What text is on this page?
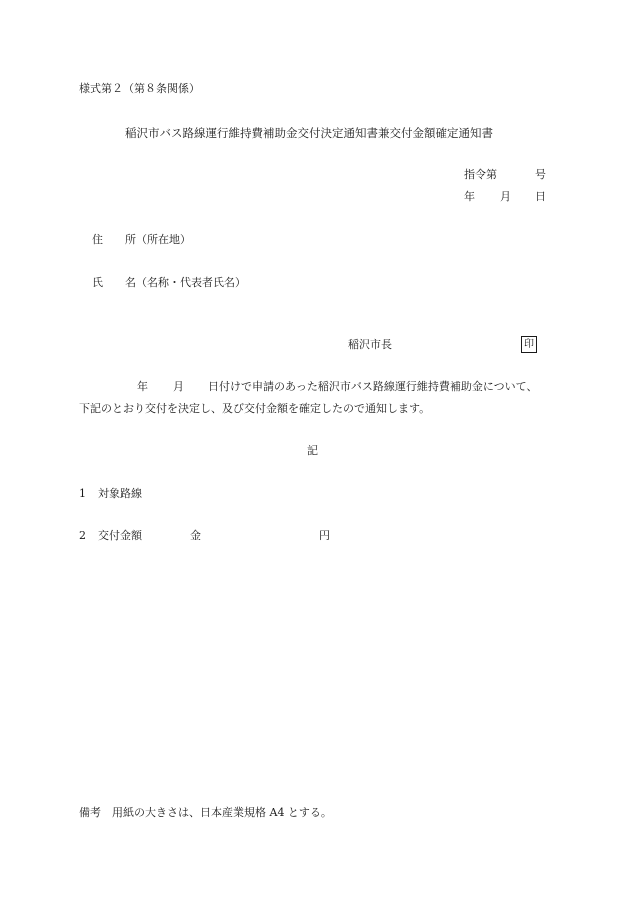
様式第２（第８条関係）
稲沢市バス路線運行維持費補助金交付決定通知書兼交付金額確定通知書
指令第	号
年 月 日
住　　所（所在地）
氏　　名（名称・代表者氏名）
稲沢市長	印
年 月 日付けで申請のあった稲沢市バス路線運行維持費補助金について、
下記のとおり交付を決定し、及び交付金額を確定したので通知します。
記
1 対象路線
2 交付金額	金	円
備考　用紙の大きさは、日本産業規格 A4 とする。
